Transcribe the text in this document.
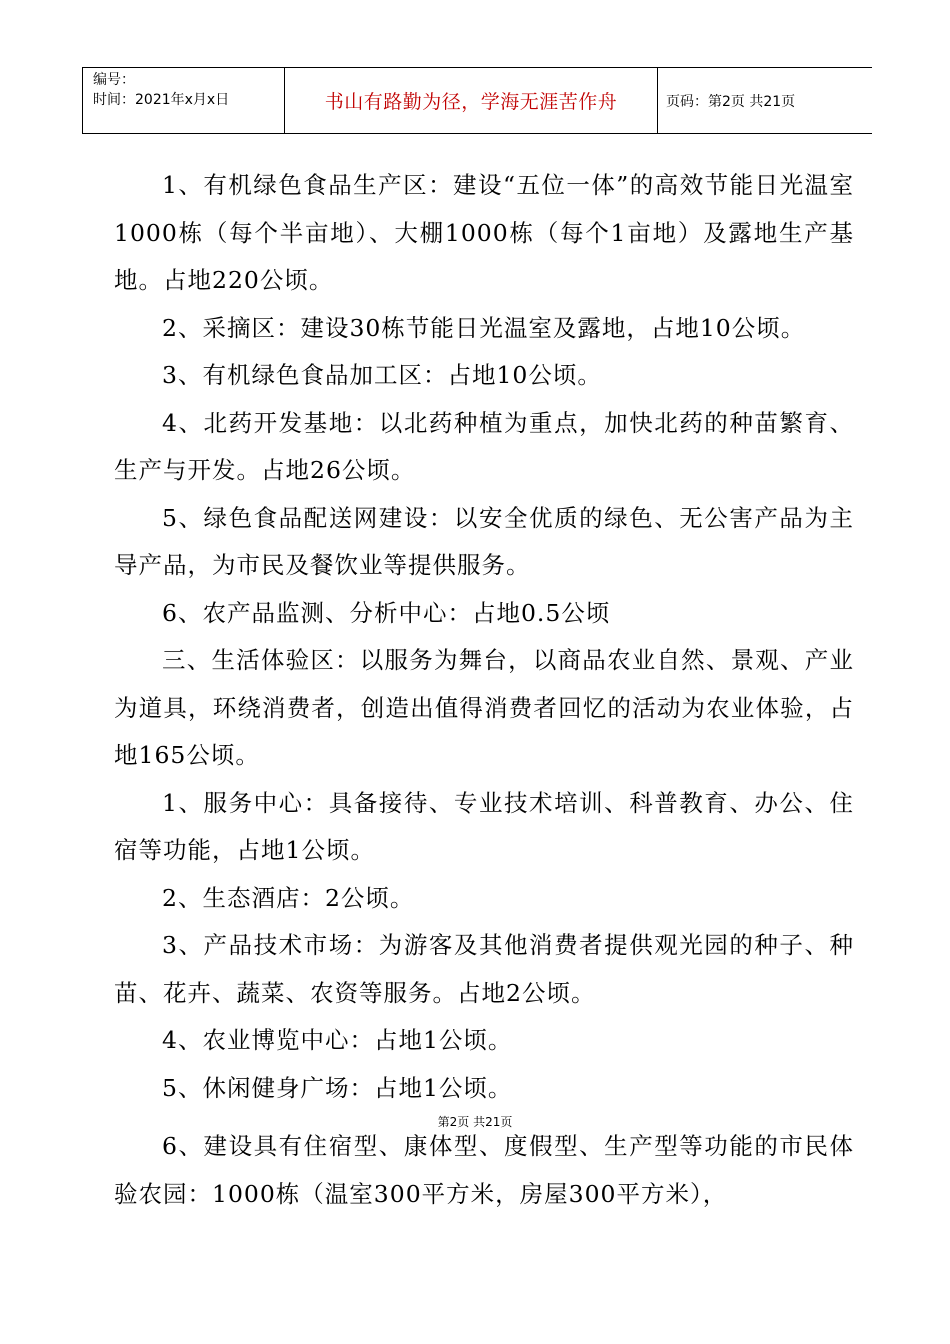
编号：
时间：2021年x月x日	书山有路勤为径，学海无涯苦作舟	页码：第2页 共21页

1、有机绿色食品生产区：建设“五位一体”的高效节能日光温室1000栋（每个半亩地）、大棚1000栋（每个1亩地）及露地生产基地。占地220公顷。

2、采摘区：建设30栋节能日光温室及露地，占地10公顷。

3、有机绿色食品加工区：占地10公顷。

4、北药开发基地：以北药种植为重点，加快北药的种苗繁育、生产与开发。占地26公顷。

5、绿色食品配送网建设：以安全优质的绿色、无公害产品为主导产品，为市民及餐饮业等提供服务。

6、农产品监测、分析中心：占地0.5公顷

三、生活体验区：以服务为舞台，以商品农业自然、景观、产业为道具，环绕消费者，创造出值得消费者回忆的活动为农业体验，占地165公顷。

1、服务中心：具备接待、专业技术培训、科普教育、办公、住宿等功能，占地1公顷。

2、生态酒店：2公顷。

3、产品技术市场：为游客及其他消费者提供观光园的种子、种苗、花卉、蔬菜、农资等服务。占地2公顷。

4、农业博览中心：占地1公顷。

5、休闲健身广场：占地1公顷。

第2页 共21页

6、建设具有住宿型、康体型、度假型、生产型等功能的市民体验农园：1000栋（温室300平方米，房屋300平方米），
